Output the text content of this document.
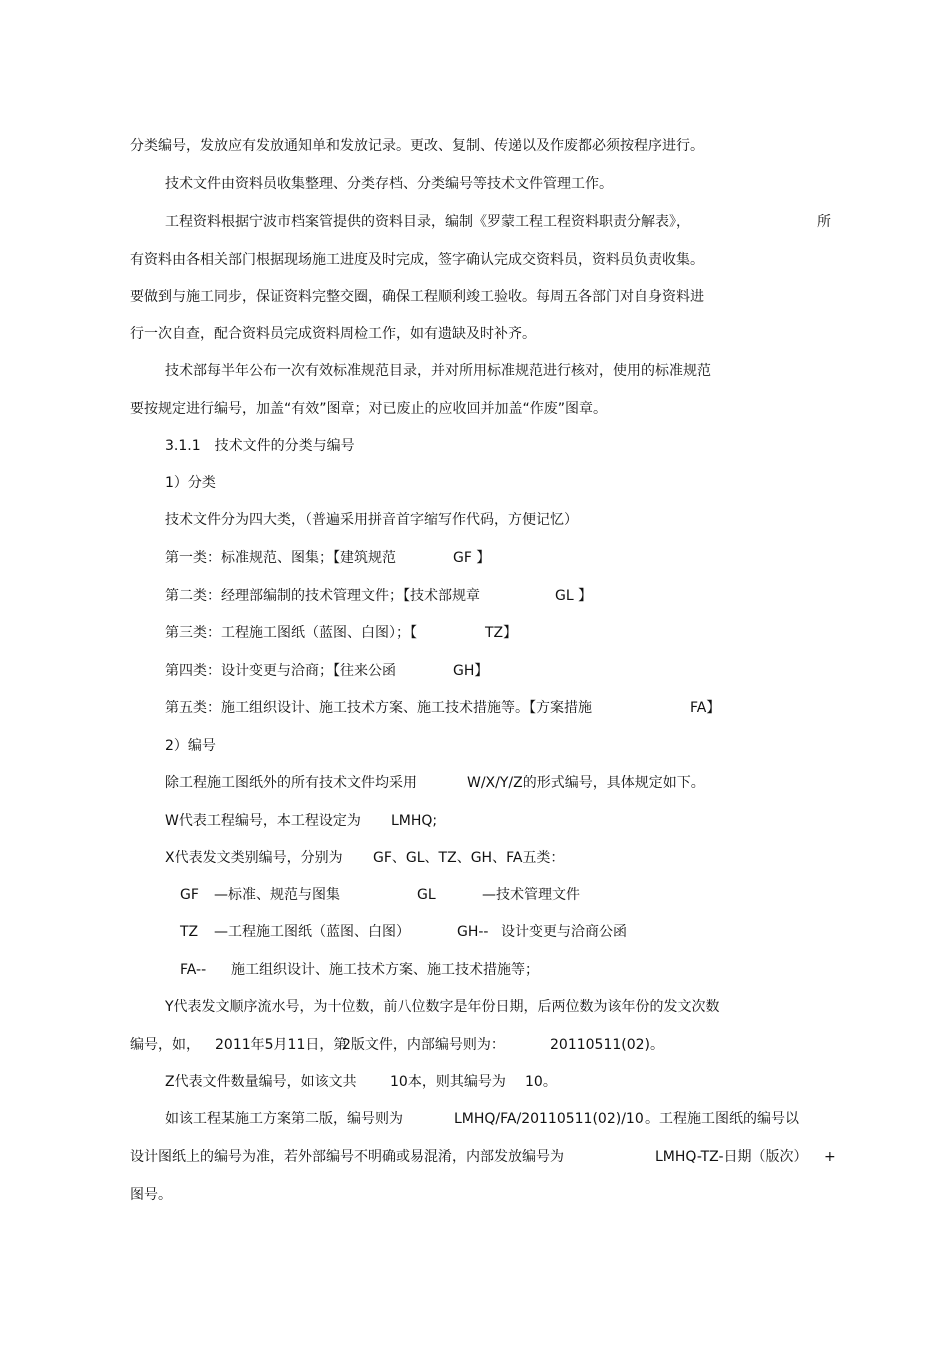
分类编号，发放应有发放通知单和发放记录。更改、复制、传递以及作废都必须按程序进行。
技术文件由资料员收集整理、分类存档、分类编号等技术文件管理工作。
工程资料根据宁波市档案管提供的资料目录，编制《罗蒙工程工程资料职责分解表》，	所
有资料由各相关部门根据现场施工进度及时完成，签字确认完成交资料员，资料员负责收集。
要做到与施工同步，保证资料完整交圈，确保工程顺利竣工验收。每周五各部门对自身资料进
行一次自查，配合资料员完成资料周检工作，如有遗缺及时补齐。
技术部每半年公布一次有效标准规范目录，并对所用标准规范进行核对，使用的标准规范
要按规定进行编号，加盖“有效”图章；对已废止的应收回并加盖“作废”图章。
3.1.1　技术文件的分类与编号
1）分类
技术文件分为四大类，（普遍采用拼音首字缩写作代码，方便记忆）
第一类：标准规范、图集；【建筑规范	GF 】
第二类：经理部编制的技术管理文件；【技术部规章	GL 】
第三类：工程施工图纸（蓝图、白图）；【	TZ】
第四类：设计变更与洽商；【往来公函	GH】
第五类：施工组织设计、施工技术方案、施工技术措施等。【方案措施	FA】
2）编号
除工程施工图纸外的所有技术文件均采用	W/X/Y/Z的形式编号，具体规定如下。
W代表工程编号，本工程设定为 LMHQ;
X代表发文类别编号，分别为 GF、GL、TZ、GH、FA五类：
GF —标准、规范与图集	GL	—技术管理文件
TZ —工程施工图纸（蓝图、白图）	GH-- 设计变更与洽商公函
FA-- 施工组织设计、施工技术方案、施工技术措施等；
Y代表发文顺序流水号，为十位数，前八位数字是年份日期，后两位数为该年份的发文次数
编号，如， 2011年5月11日，第
2版文件，内部编号则为：	20110511(02) 。
Z代表文件数量编号，如该文共 10本，则其编号为 10。
如该工程某施工方案第二版，编号则为	LMHQ/FA/20110511(02)/10 。工程施工图纸的编号以
设计图纸上的编号为准，若外部编号不明确或易混淆，内部发放编号为	LMHQ-TZ-日期（版次） +
图号。
